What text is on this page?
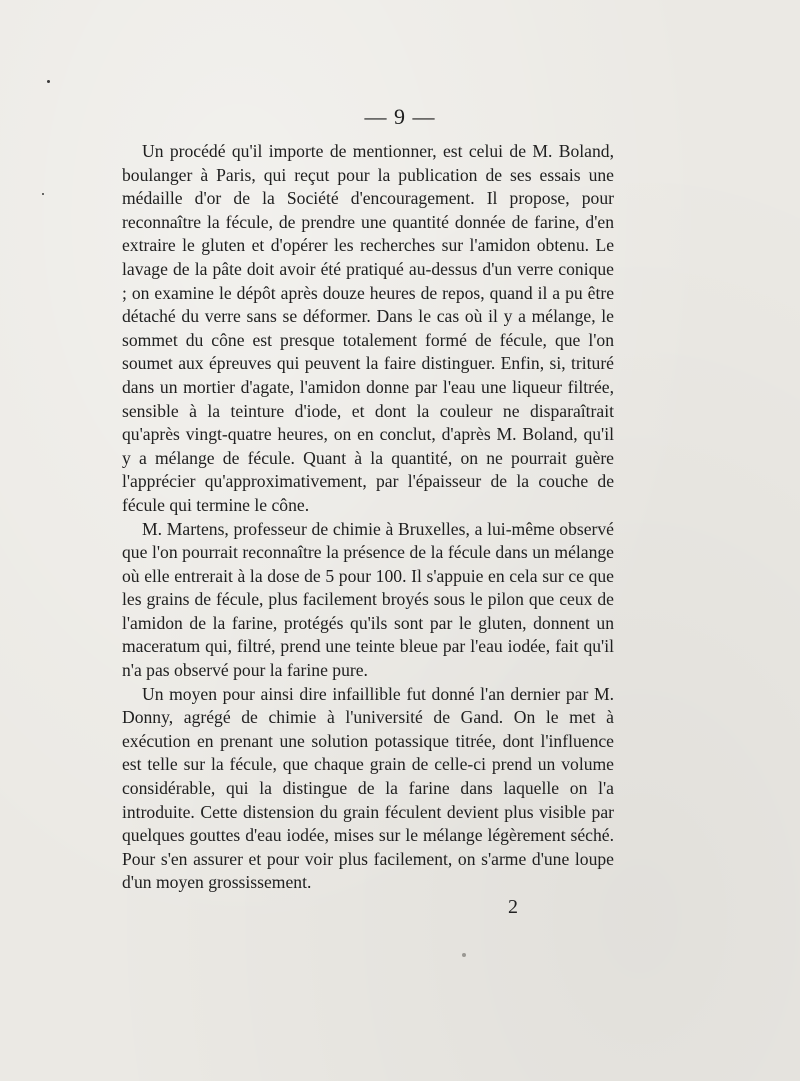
— 9 —

Un procédé qu'il importe de mentionner, est celui de M. Boland, boulanger à Paris, qui reçut pour la publication de ses essais une médaille d'or de la Société d'encouragement. Il propose, pour reconnaître la fécule, de prendre une quantité donnée de farine, d'en extraire le gluten et d'opérer les recherches sur l'amidon obtenu. Le lavage de la pâte doit avoir été pratiqué au-dessus d'un verre conique ; on examine le dépôt après douze heures de repos, quand il a pu être détaché du verre sans se déformer. Dans le cas où il y a mélange, le sommet du cône est presque totalement formé de fécule, que l'on soumet aux épreuves qui peuvent la faire distinguer. Enfin, si, trituré dans un mortier d'agate, l'amidon donne par l'eau une liqueur filtrée, sensible à la teinture d'iode, et dont la couleur ne disparaîtrait qu'après vingt-quatre heures, on en conclut, d'après M. Boland, qu'il y a mélange de fécule. Quant à la quantité, on ne pourrait guère l'apprécier qu'approximativement, par l'épaisseur de la couche de fécule qui termine le cône.

M. Martens, professeur de chimie à Bruxelles, a lui-même observé que l'on pourrait reconnaître la présence de la fécule dans un mélange où elle entrerait à la dose de 5 pour 100. Il s'appuie en cela sur ce que les grains de fécule, plus facilement broyés sous le pilon que ceux de l'amidon de la farine, protégés qu'ils sont par le gluten, donnent un maceratum qui, filtré, prend une teinte bleue par l'eau iodée, fait qu'il n'a pas observé pour la farine pure.

Un moyen pour ainsi dire infaillible fut donné l'an dernier par M. Donny, agrégé de chimie à l'université de Gand. On le met à exécution en prenant une solution potassique titrée, dont l'influence est telle sur la fécule, que chaque grain de celle-ci prend un volume considérable, qui la distingue de la farine dans laquelle on l'a introduite. Cette distension du grain féculent devient plus visible par quelques gouttes d'eau iodée, mises sur le mélange légèrement séché. Pour s'en assurer et pour voir plus facilement, on s'arme d'une loupe d'un moyen grossissement.

2
